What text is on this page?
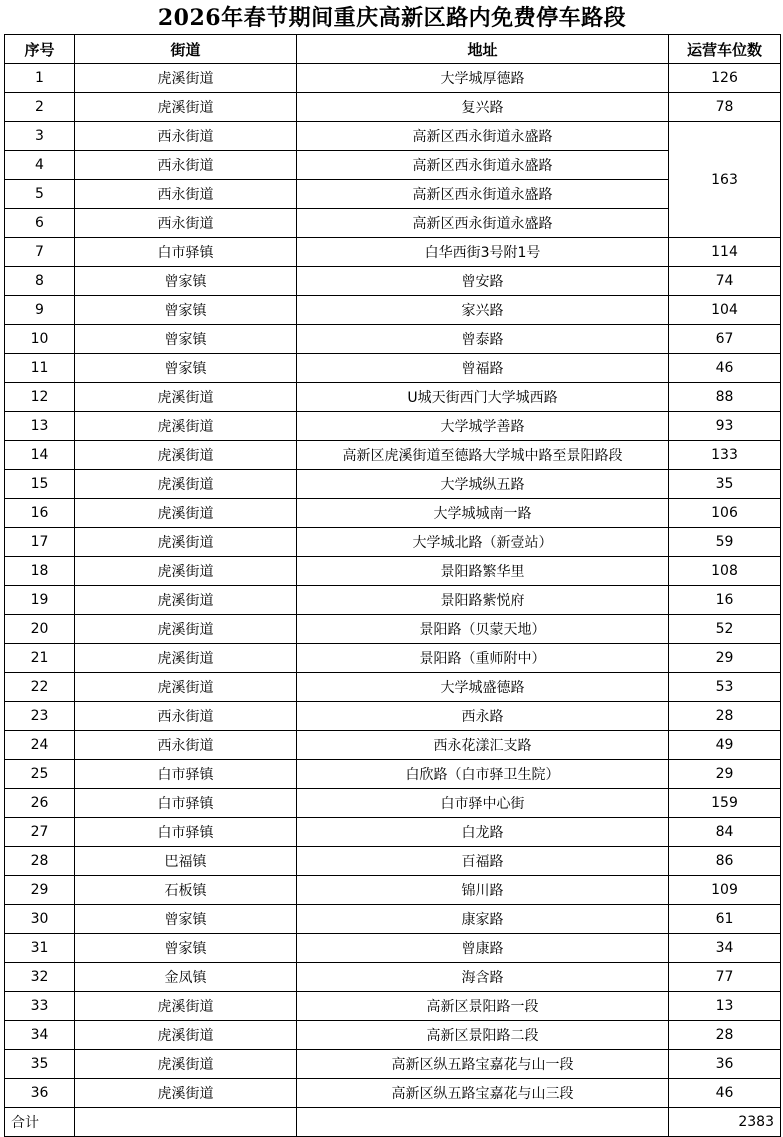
2026年春节期间重庆高新区路内免费停车路段
序号	街道	地址	运营车位数
1	虎溪街道	大学城厚德路	126
2	虎溪街道	复兴路	78
3	西永街道	高新区西永街道永盛路	163
4	西永街道	高新区西永街道永盛路	
5	西永街道	高新区西永街道永盛路	
6	西永街道	高新区西永街道永盛路	
7	白市驿镇	白华西街3号附1号	114
8	曾家镇	曾安路	74
9	曾家镇	家兴路	104
10	曾家镇	曾泰路	67
11	曾家镇	曾福路	46
12	虎溪街道	U城天街西门大学城西路	88
13	虎溪街道	大学城学善路	93
14	虎溪街道	高新区虎溪街道至德路大学城中路至景阳路段	133
15	虎溪街道	大学城纵五路	35
16	虎溪街道	大学城城南一路	106
17	虎溪街道	大学城北路（新壹站）	59
18	虎溪街道	景阳路繁华里	108
19	虎溪街道	景阳路紫悦府	16
20	虎溪街道	景阳路（贝蒙天地）	52
21	虎溪街道	景阳路（重师附中）	29
22	虎溪街道	大学城盛德路	53
23	西永街道	西永路	28
24	西永街道	西永花漾汇支路	49
25	白市驿镇	白欣路（白市驿卫生院）	29
26	白市驿镇	白市驿中心街	159
27	白市驿镇	白龙路	84
28	巴福镇	百福路	86
29	石板镇	锦川路	109
30	曾家镇	康家路	61
31	曾家镇	曾康路	34
32	金凤镇	海含路	77
33	虎溪街道	高新区景阳路一段	13
34	虎溪街道	高新区景阳路二段	28
35	虎溪街道	高新区纵五路宝嘉花与山一段	36
36	虎溪街道	高新区纵五路宝嘉花与山三段	46
合计			2383
